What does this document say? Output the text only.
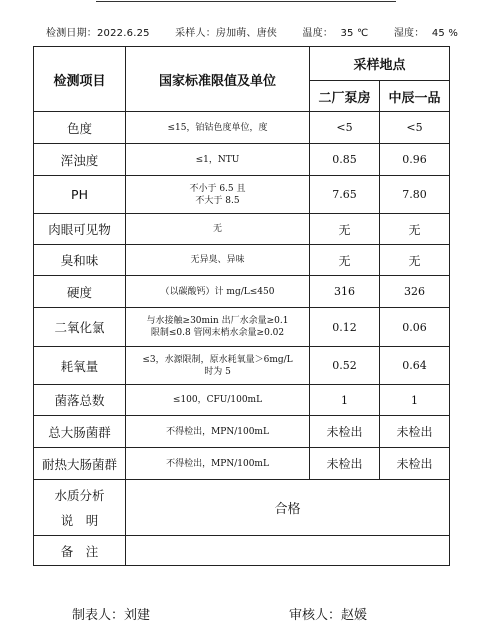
检测日期：2022.6.25	采样人：房加萌、唐侠	温度： 35 ℃	湿度： 45 %
检测项目	国家标准限值及单位	采样地点	
		二厂泵房	中辰一品
色度	≤15，铂钴色度单位，度	<5	<5
浑浊度	≤1，NTU	0.85	0.96
PH	不小于 6.5 且
不大于 8.5	7.65	7.80
肉眼可见物	无	无	无
臭和味	无异臭、异味	无	无
硬度	（以碳酸钙）计 mg/L≤450	316	326
二氧化氯	与水接触≥30min 出厂水余量≥0.1
限制≤0.8 管网末梢水余量≥0.02	0.12	0.06
耗氧量	≤3，水源限制，原水耗氧量＞6mg/L
时为 5	0.52	0.64
菌落总数	≤100，CFU/100mL	1	1
总大肠菌群	不得检出，MPN/100mL	未检出	未检出
耐热大肠菌群	不得检出，MPN/100mL	未检出	未检出

水质分析
说　明	合格		
备　注			
制表人：刘建	审核人：赵媛
